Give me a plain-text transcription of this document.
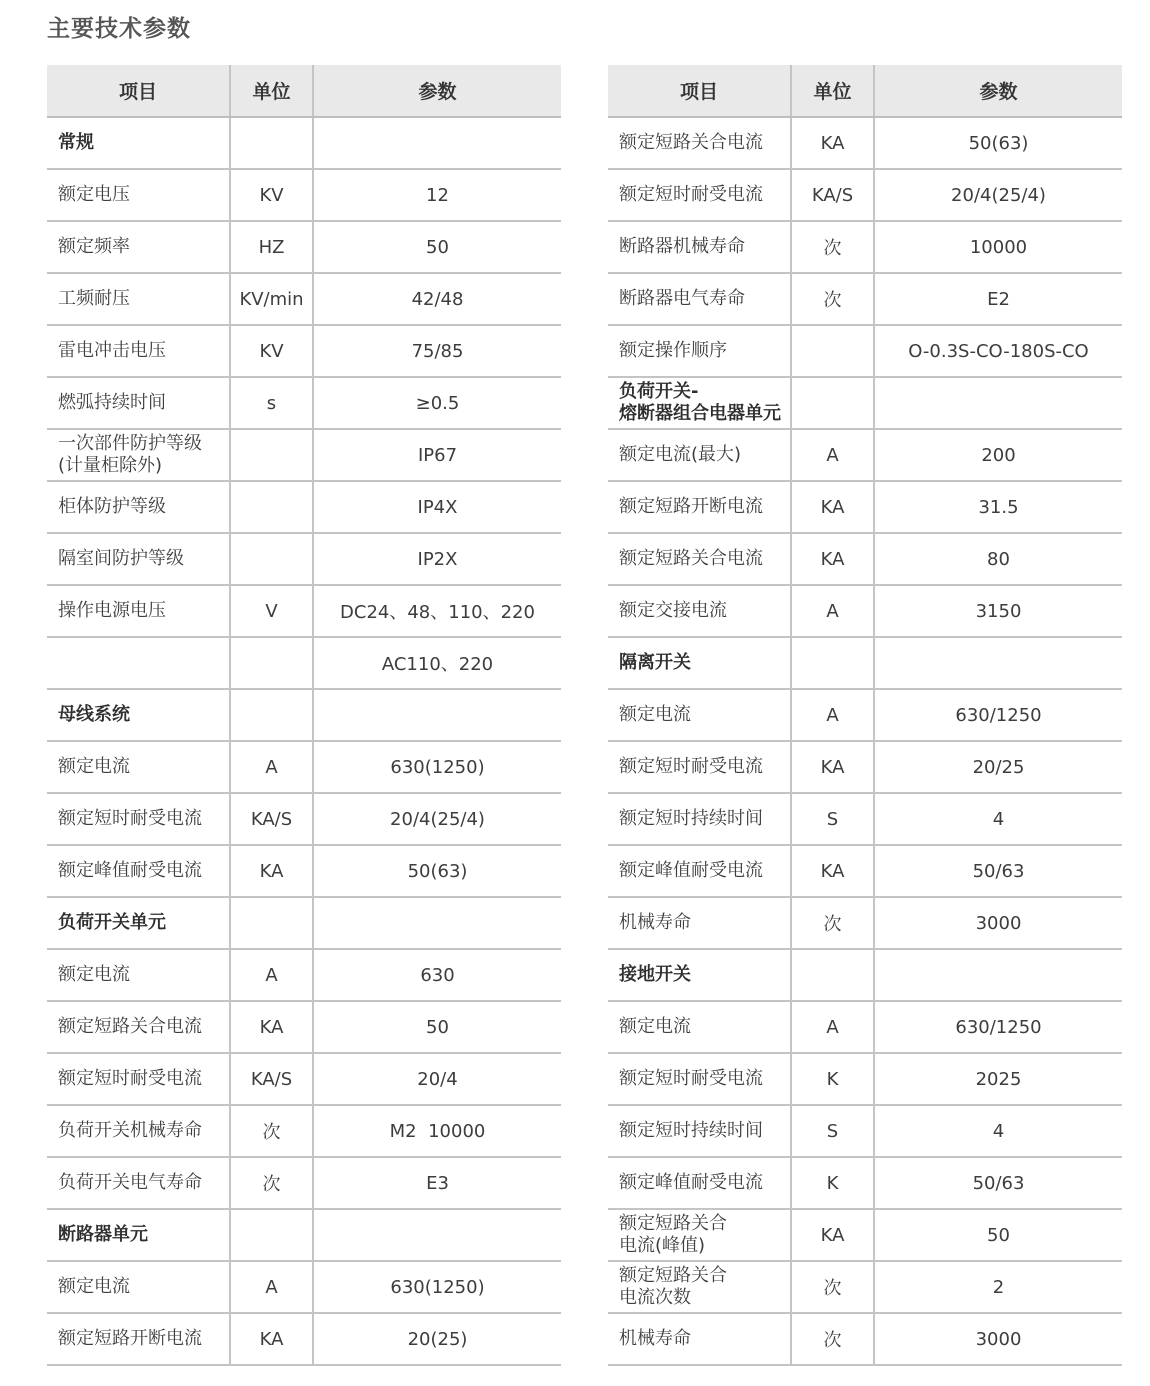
主要技术参数
项目	单位	参数
常规		
额定电压	KV	12
额定频率	HZ	50
工频耐压	KV/min	42/48
雷电冲击电压	KV	75/85
燃弧持续时间	s	≥0.5

一次部件防护等级
(计量柜除外)		IP67
柜体防护等级		IP4X
隔室间防护等级		IP2X
操作电源电压	V	DC24、48、110、220
		AC110、220
母线系统		
额定电流	A	630(1250)
额定短时耐受电流	KA/S	20/4(25/4)
额定峰值耐受电流	KA	50(63)
负荷开关单元		
额定电流	A	630
额定短路关合电流	KA	50
额定短时耐受电流	KA/S	20/4
负荷开关机械寿命	次	M2  10000
负荷开关电气寿命	次	E3
断路器单元		
额定电流	A	630(1250)
额定短路开断电流	KA	20(25)
项目	单位	参数
额定短路关合电流	KA	50(63)
额定短时耐受电流	KA/S	20/4(25/4)
断路器机械寿命	次	10000
断路器电气寿命	次	E2
额定操作顺序		O-0.3S-CO-180S-CO

负荷开关-
熔断器组合电器单元		

额定电流(最大)	A	200
额定短路开断电流	KA	31.5
额定短路关合电流	KA	80
额定交接电流	A	3150
隔离开关		
额定电流	A	630/1250
额定短时耐受电流	KA	20/25
额定短时持续时间	S	4
额定峰值耐受电流	KA	50/63
机械寿命	次	3000
接地开关		
额定电流	A	630/1250
额定短时耐受电流	K	2025
额定短时持续时间	S	4
额定峰值耐受电流	K	50/63

额定短路关合
电流(峰值)	KA	50

额定短路关合
电流次数	次	2
机械寿命	次	3000
